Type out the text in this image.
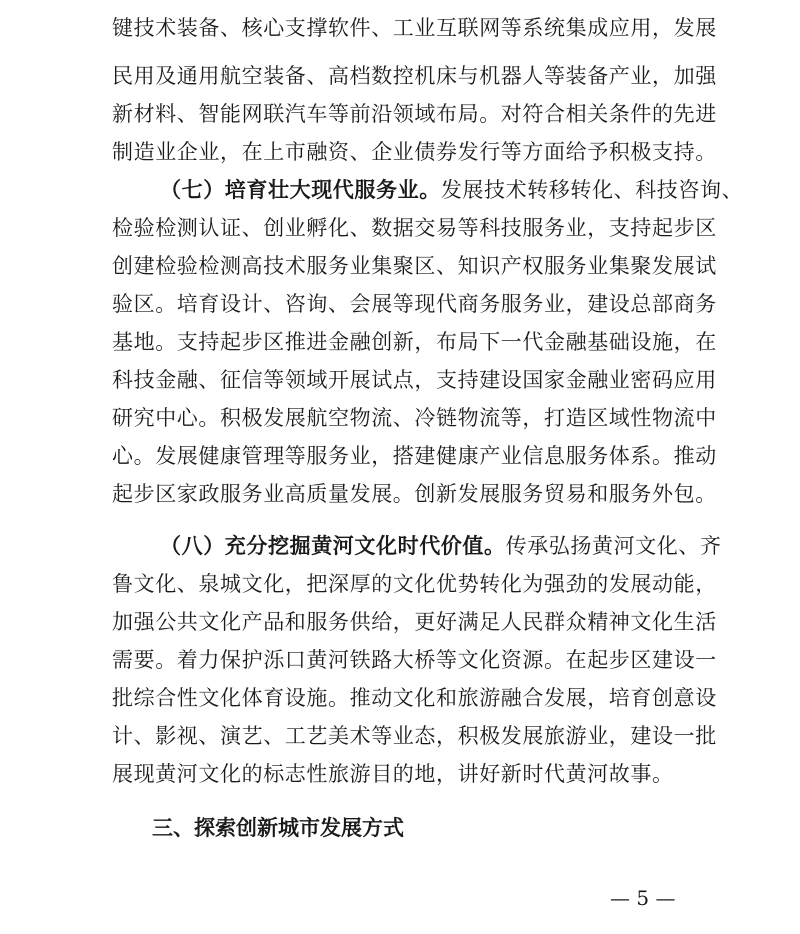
键技术装备、核心支撑软件、工业互联网等系统集成应用，发展
民用及通用航空装备、高档数控机床与机器人等装备产业，加强
新材料、智能网联汽车等前沿领域布局。对符合相关条件的先进
制造业企业，在上市融资、企业债券发行等方面给予积极支持。
（七）培育壮大现代服务业。发展技术转移转化、科技咨询、
检验检测认证、创业孵化、数据交易等科技服务业，支持起步区
创建检验检测高技术服务业集聚区、知识产权服务业集聚发展试
验区。培育设计、咨询、会展等现代商务服务业，建设总部商务
基地。支持起步区推进金融创新，布局下一代金融基础设施，在
科技金融、征信等领域开展试点，支持建设国家金融业密码应用
研究中心。积极发展航空物流、冷链物流等，打造区域性物流中
心。发展健康管理等服务业，搭建健康产业信息服务体系。推动
起步区家政服务业高质量发展。创新发展服务贸易和服务外包。
（八）充分挖掘黄河文化时代价值。传承弘扬黄河文化、齐
鲁文化、泉城文化，把深厚的文化优势转化为强劲的发展动能，
加强公共文化产品和服务供给，更好满足人民群众精神文化生活
需要。着力保护泺口黄河铁路大桥等文化资源。在起步区建设一
批综合性文化体育设施。推动文化和旅游融合发展，培育创意设
计、影视、演艺、工艺美术等业态，积极发展旅游业，建设一批
展现黄河文化的标志性旅游目的地，讲好新时代黄河故事。
三、探索创新城市发展方式
— 5 —
